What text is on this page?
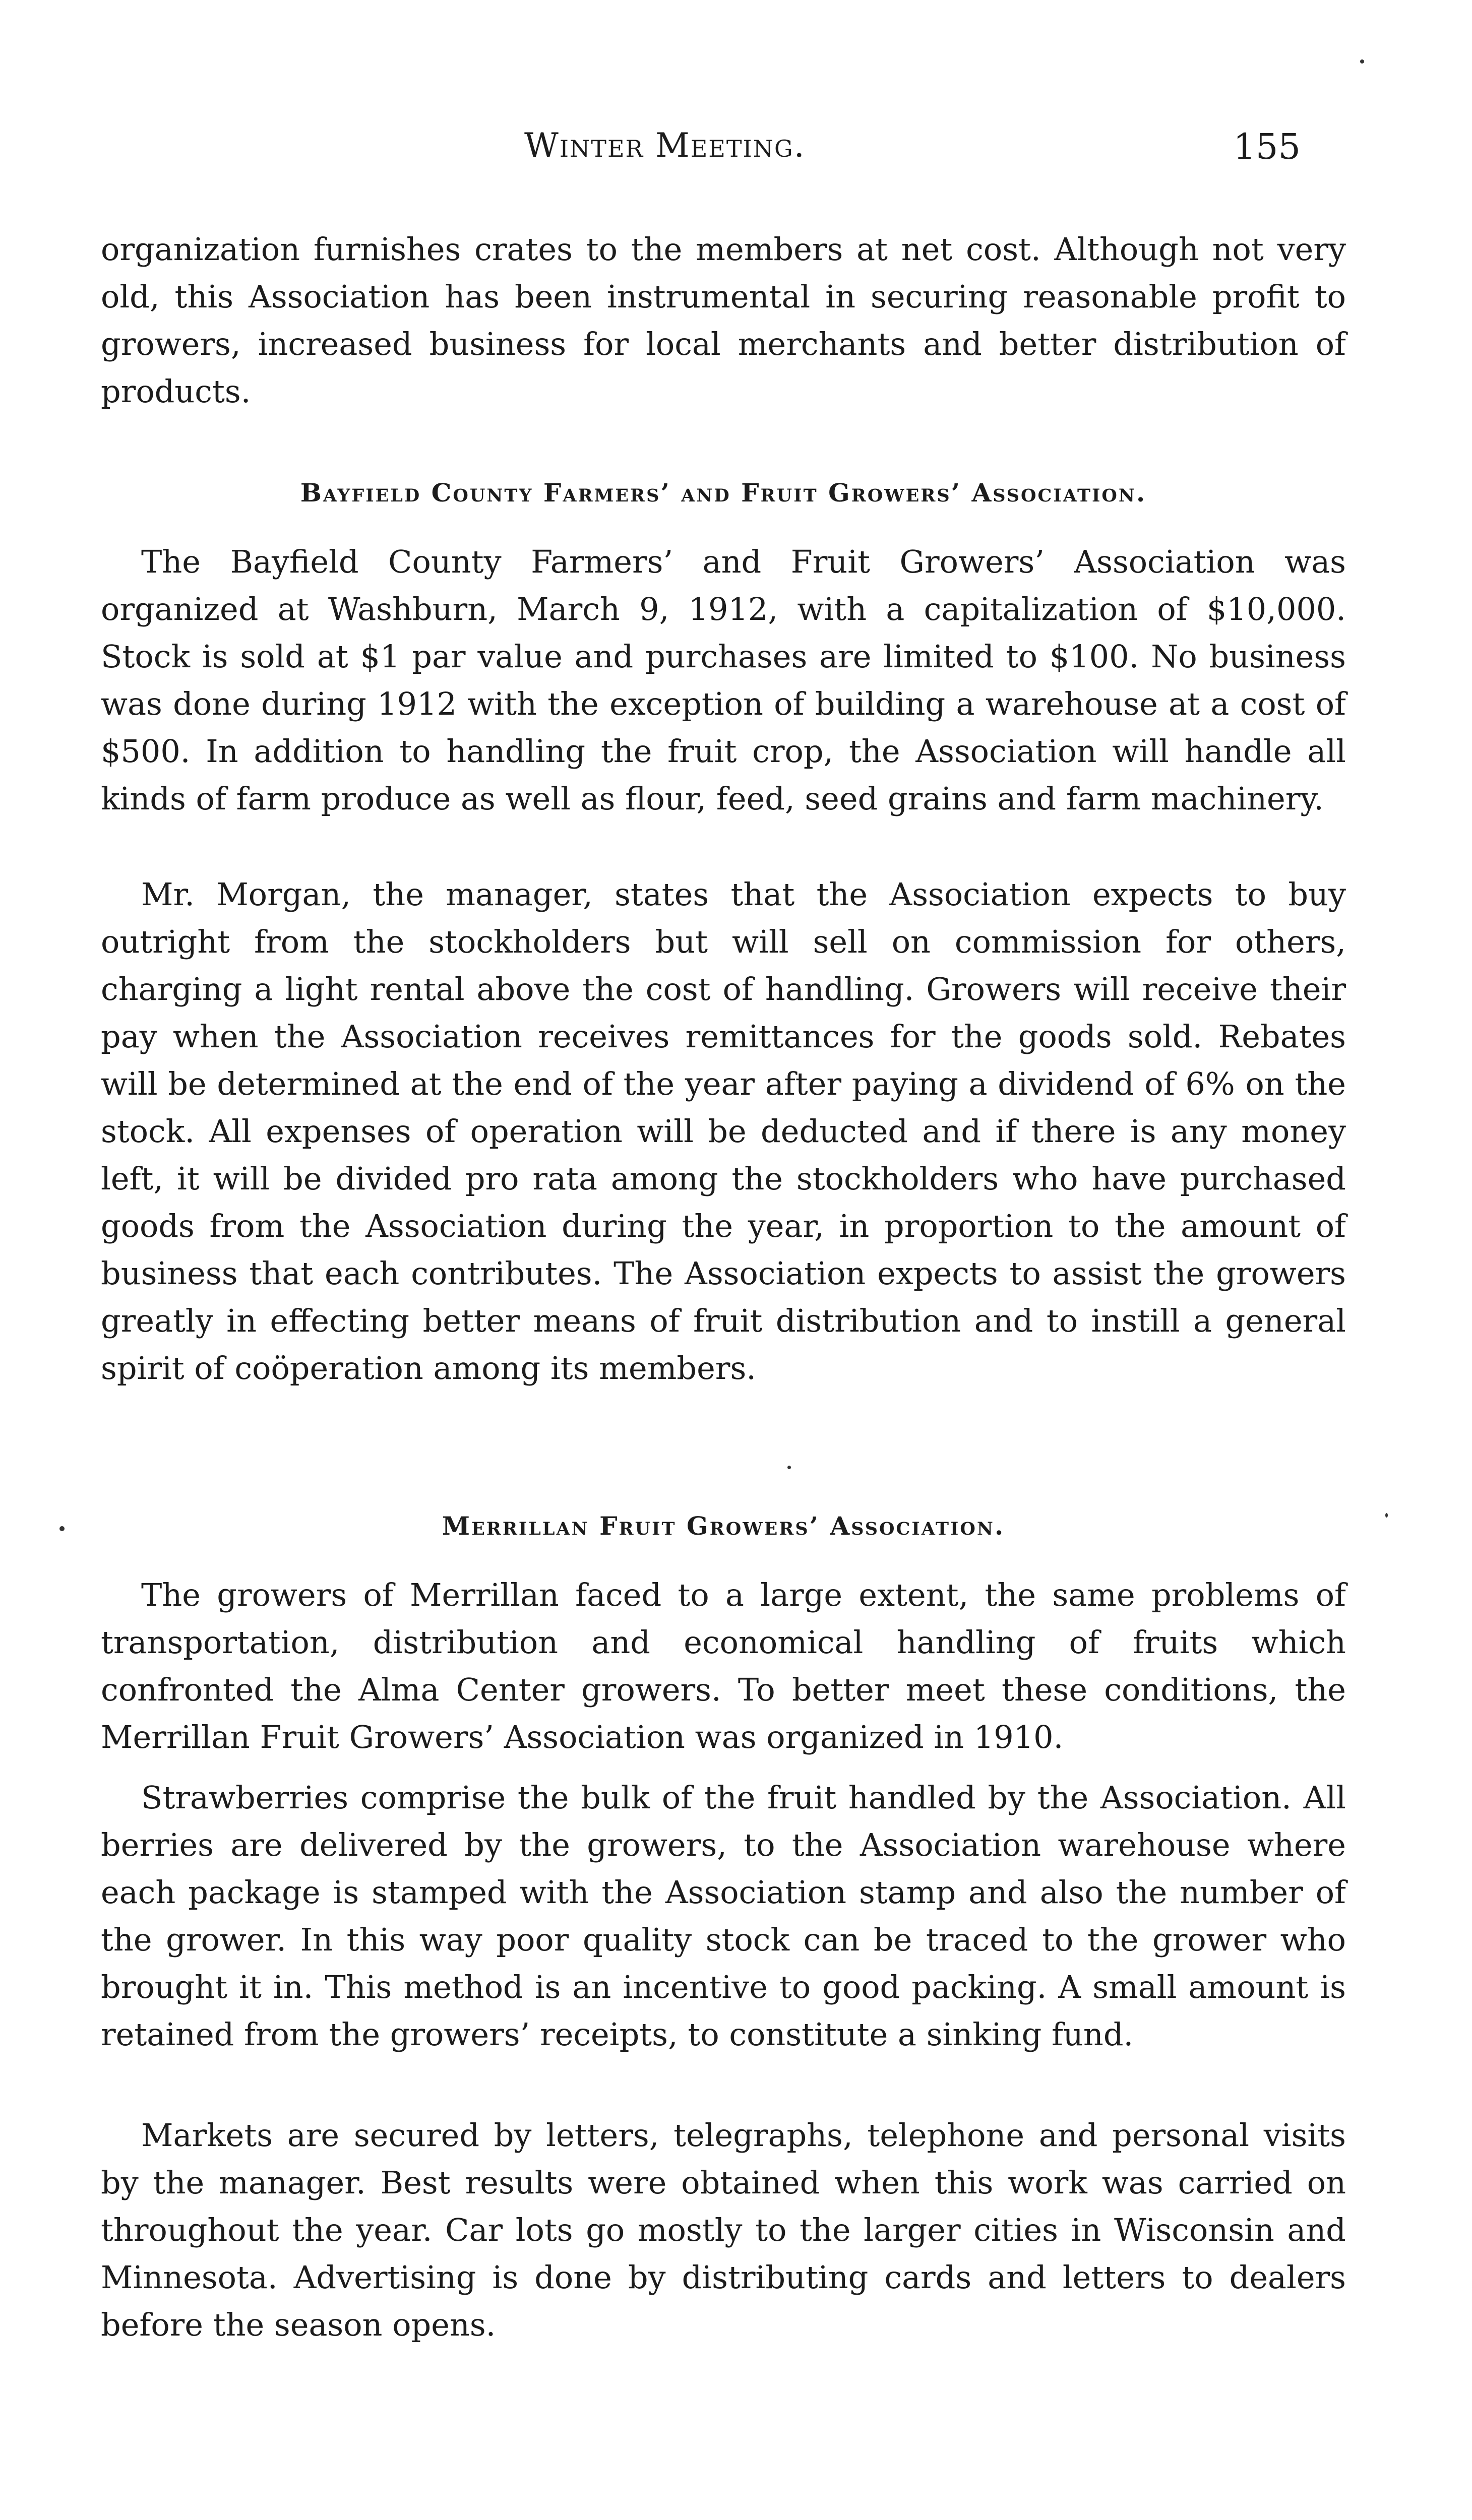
Winter Meeting.	155

organization furnishes crates to the members at net cost. Although not very old, this Association has been instrumental in securing reasonable profit to growers, increased business for local merchants and better distribution of products.

Bayfield County Farmers’ and Fruit Growers’ Association.

The Bayfield County Farmers’ and Fruit Growers’ Association was organized at Washburn, March 9, 1912, with a capitalization of $10,000. Stock is sold at $1 par value and purchases are limited to $100. No business was done during 1912 with the exception of building a warehouse at a cost of $500. In addition to handling the fruit crop, the Association will handle all kinds of farm produce as well as flour, feed, seed grains and farm machinery.

Mr. Morgan, the manager, states that the Association expects to buy outright from the stockholders but will sell on commission for others, charging a light rental above the cost of handling. Growers will receive their pay when the Association receives remittances for the goods sold. Rebates will be determined at the end of the year after paying a dividend of 6% on the stock. All expenses of operation will be deducted and if there is any money left, it will be divided pro rata among the stockholders who have purchased goods from the Association during the year, in proportion to the amount of business that each contributes. The Association expects to assist the growers greatly in effecting better means of fruit distribution and to instill a general spirit of coöperation among its members.

Merrillan Fruit Growers’ Association.

The growers of Merrillan faced to a large extent, the same problems of transportation, distribution and economical handling of fruits which confronted the Alma Center growers. To better meet these conditions, the Merrillan Fruit Growers’ Association was organized in 1910.

Strawberries comprise the bulk of the fruit handled by the Association. All berries are delivered by the growers, to the Association warehouse where each package is stamped with the Association stamp and also the number of the grower. In this way poor quality stock can be traced to the grower who brought it in. This method is an incentive to good packing. A small amount is retained from the growers’ receipts, to constitute a sinking fund.

Markets are secured by letters, telegraphs, telephone and personal visits by the manager. Best results were obtained when this work was carried on throughout the year. Car lots go mostly to the larger cities in Wisconsin and Minnesota. Advertising is done by distributing cards and letters to dealers before the season opens.
